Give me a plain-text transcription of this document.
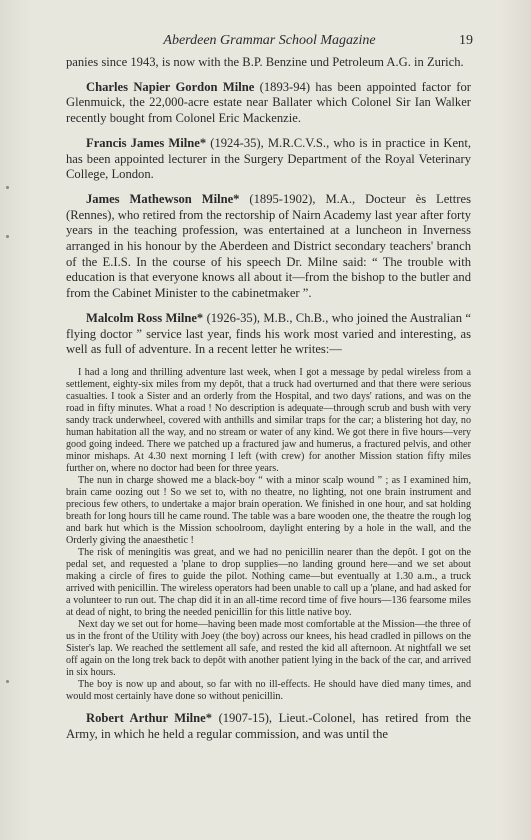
Aberdeen Grammar School Magazine	19

panies since 1943, is now with the B.P. Benzine und Petroleum A.G. in Zurich.

Charles Napier Gordon Milne (1893-94) has been appointed factor for Glenmuick, the 22,000-acre estate near Ballater which Colonel Sir Ian Walker recently bought from Colonel Eric Mackenzie.

Francis James Milne* (1924-35), M.R.C.V.S., who is in practice in Kent, has been appointed lecturer in the Surgery Department of the Royal Veterinary College, London.

James Mathewson Milne* (1895-1902), M.A., Docteur ès Lettres (Rennes), who retired from the rectorship of Nairn Academy last year after forty years in the teaching profession, was entertained at a luncheon in Inverness arranged in his honour by the Aberdeen and District secondary teachers' branch of the E.I.S. In the course of his speech Dr. Milne said: “ The trouble with education is that everyone knows all about it—from the bishop to the butler and from the Cabinet Minister to the cabinetmaker ”.

Malcolm Ross Milne* (1926-35), M.B., Ch.B., who joined the Australian “ flying doctor ” service last year, finds his work most varied and interesting, as well as full of adventure. In a recent letter he writes:—

I had a long and thrilling adventure last week, when I got a message by pedal wireless from a settlement, eighty-six miles from my depôt, that a truck had overturned and that there were serious casualties. I took a Sister and an orderly from the Hospital, and two days' rations, and was on the road in fifty minutes. What a road ! No description is adequate—through scrub and bush with very sandy track underwheel, covered with anthills and similar traps for the car; a blistering hot day, no human habitation all the way, and no stream or water of any kind. We got there in five hours—very good going indeed. There we patched up a fractured jaw and humerus, a fractured pelvis, and other minor mishaps. At 4.30 next morning I left (with crew) for another Mission station fifty miles further on, where no doctor had been for three years.

The nun in charge showed me a black-boy “ with a minor scalp wound ” ; as I examined him, brain came oozing out ! So we set to, with no theatre, no lighting, not one brain instrument and precious few others, to undertake a major brain operation. We finished in one hour, and sat holding breath for long hours till he came round. The table was a bare wooden one, the theatre the rough log and bark hut which is the Mission schoolroom, daylight entering by a hole in the wall, and the Orderly giving the anaesthetic !

The risk of meningitis was great, and we had no penicillin nearer than the depôt. I got on the pedal set, and requested a 'plane to drop supplies—no landing ground here—and we set about making a circle of fires to guide the pilot. Nothing came—but eventually at 1.30 a.m., a truck arrived with penicillin. The wireless operators had been unable to call up a 'plane, and had asked for a volunteer to run out. The chap did it in an all-time record time of five hours—136 fearsome miles at dead of night, to bring the needed penicillin for this little native boy.

Next day we set out for home—having been made most comfortable at the Mission—the three of us in the front of the Utility with Joey (the boy) across our knees, his head cradled in pillows on the Sister's lap. We reached the settlement all safe, and rested the kid all afternoon. At nightfall we set off again on the long trek back to depôt with another patient lying in the back of the car, and arrived in six hours.

The boy is now up and about, so far with no ill-effects. He should have died many times, and would most certainly have done so without penicillin.

Robert Arthur Milne* (1907-15), Lieut.-Colonel, has retired from the Army, in which he held a regular commission, and was until the
